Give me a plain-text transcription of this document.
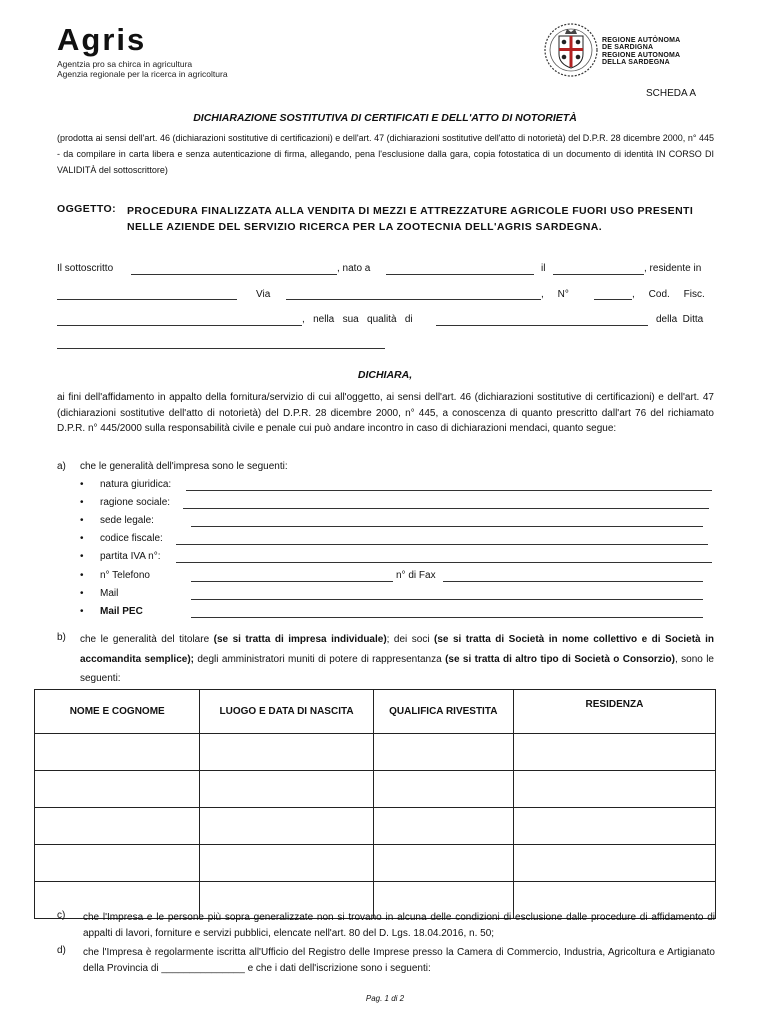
Agris
Agentzia pro sa chirca in agricultura
Agenzia regionale per la ricerca in agricoltura
REGIONE AUTÒNOMA
DE SARDIGNA
REGIONE AUTONOMA
DELLA SARDEGNA
SCHEDA A
DICHIARAZIONE SOSTITUTIVA DI CERTIFICATI E DELL'ATTO DI NOTORIETÀ
(prodotta ai sensi dell'art. 46 (dichiarazioni sostitutive di certificazioni) e dell'art. 47 (dichiarazioni sostitutive dell'atto di notorietà) del D.P.R. 28 dicembre 2000, n° 445 - da compilare in carta libera e senza autenticazione di firma, allegando, pena l'esclusione dalla gara, copia fotostatica di un documento di identità IN CORSO DI VALIDITÀ del sottoscrittore)
OGGETTO: PROCEDURA FINALIZZATA ALLA VENDITA DI MEZZI E ATTREZZATURE AGRICOLE FUORI USO PRESENTI NELLE AZIENDE DEL SERVIZIO RICERCA PER LA ZOOTECNIA DELL'AGRIS SARDEGNA.
Il sottoscritto	, nato a	il	, residente in
Via	,     N°	,     Cod.     Fisc.
,   nella   sua   qualità   di	della  Ditta
DICHIARA,
ai fini dell'affidamento in appalto della fornitura/servizio di cui all'oggetto, ai sensi dell'art. 46 (dichiarazioni sostitutive di certificazioni) e dell'art. 47 (dichiarazioni sostitutive dell'atto di notorietà) del D.P.R. 28 dicembre 2000, n° 445, a conoscenza di quanto prescritto dall'art 76 del richiamato D.P.R. n° 445/2000 sulla responsabilità civile e penale cui può andare incontro in caso di dichiarazioni mendaci, quanto segue:
a) che le generalità dell'impresa sono le seguenti:
• natura giuridica:
• ragione sociale:
• sede legale:
• codice fiscale:
• partita IVA n°:
• n° Telefono	n° di Fax
• Mail
• Mail PEC
b) che le generalità del titolare (se si tratta di impresa individuale); dei soci (se si tratta di Società in nome collettivo e di Società in accomandita semplice); degli amministratori muniti di potere di rappresentanza (se si tratta di altro tipo di Società o Consorzio), sono le seguenti:
NOME E COGNOME	LUOGO E DATA DI NASCITA	QUALIFICA RIVESTITA	RESIDENZA

c) che l'Impresa e le persone più sopra generalizzate non si trovano in alcuna delle condizioni di esclusione dalle procedure di affidamento di appalti di lavori, forniture e servizi pubblici, elencate nell'art. 80 del D. Lgs. 18.04.2016, n. 50;
d) che l'Impresa è regolarmente iscritta all'Ufficio del Registro delle Imprese presso la Camera di Commercio, Industria, Agricoltura e Artigianato della Provincia di _______________ e che i dati dell'iscrizione sono i seguenti:
Pag. 1 di 2
